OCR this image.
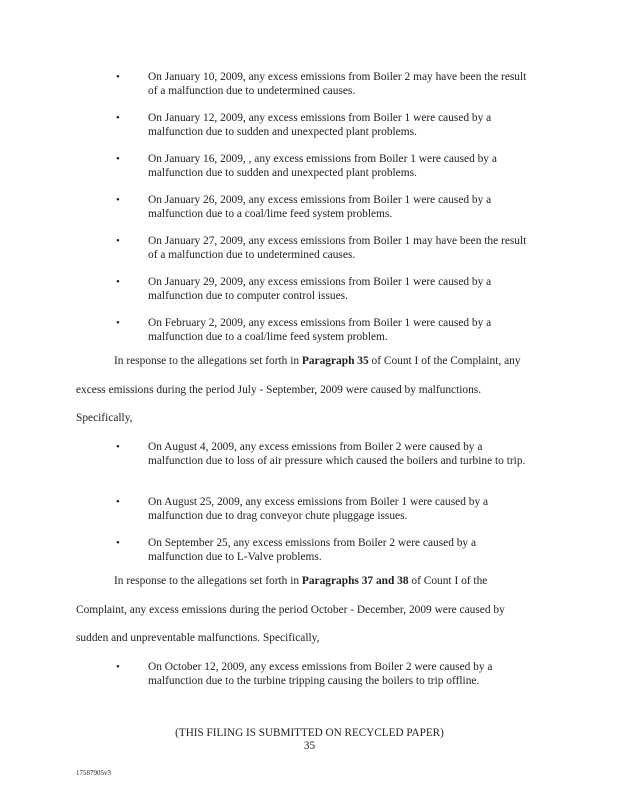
• On January 10, 2009, any excess emissions from Boiler 2 may have been the result of a malfunction due to undetermined causes.
• On January 12, 2009, any excess emissions from Boiler 1 were caused by a malfunction due to sudden and unexpected plant problems.
• On January 16, 2009, , any excess emissions from Boiler 1 were caused by a malfunction due to sudden and unexpected plant problems.
• On January 26, 2009, any excess emissions from Boiler 1 were caused by a malfunction due to a coal/lime feed system problems.
• On January 27, 2009, any excess emissions from Boiler 1 may have been the result of a malfunction due to undetermined causes.
• On January 29, 2009, any excess emissions from Boiler 1 were caused by a malfunction due to computer control issues.
• On February 2, 2009, any excess emissions from Boiler 1 were caused by a malfunction due to a coal/lime feed system problem.
In response to the allegations set forth in Paragraph 35 of Count I of the Complaint, any
excess emissions during the period July - September, 2009 were caused by malfunctions.
Specifically,
• On August 4, 2009, any excess emissions from Boiler 2 were caused by a malfunction due to loss of air pressure which caused the boilers and turbine to trip.
• On August 25, 2009, any excess emissions from Boiler 1 were caused by a malfunction due to drag conveyor chute pluggage issues.
• On September 25, any excess emissions from Boiler 2 were caused by a malfunction due to L-Valve problems.
In response to the allegations set forth in Paragraphs 37 and 38 of Count I of the
Complaint, any excess emissions during the period October - December, 2009 were caused by
sudden and unpreventable malfunctions. Specifically,
• On October 12, 2009, any excess emissions from Boiler 2 were caused by a malfunction due to the turbine tripping causing the boilers to trip offline.
(THIS FILING IS SUBMITTED ON RECYCLED PAPER)
35
17587905v3
